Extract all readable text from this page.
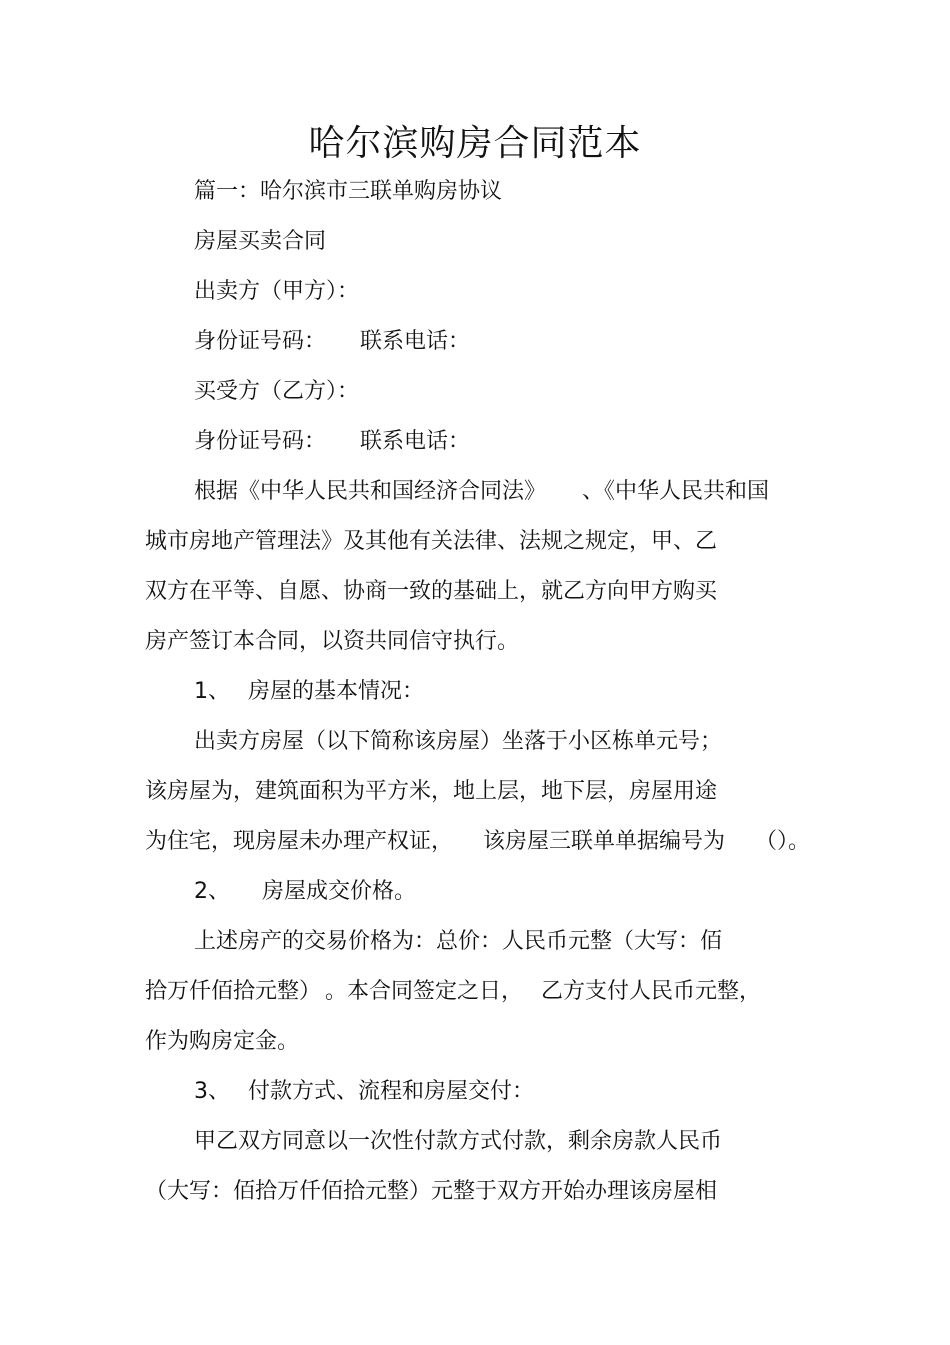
哈尔滨购房合同范本
篇一：哈尔滨市三联单购房协议
房屋买卖合同
出卖方（甲方）：
身份证号码： 联系电话：
买受方（乙方）：
身份证号码： 联系电话：
根据《中华人民共和国经济合同法》 、《中华人民共和国
城市房地产管理法》及其他有关法律、法规之规定，甲、乙
双方在平等、自愿、协商一致的基础上，就乙方向甲方购买
房产签订本合同，以资共同信守执行。
1、 房屋的基本情况：
出卖方房屋（以下简称该房屋）坐落于小区栋单元号；
该房屋为，建筑面积为平方米，地上层，地下层，房屋用途
为住宅，现房屋未办理产权证， 该房屋三联单单据编号为 （）。
2、 房屋成交价格。
上述房产的交易价格为：总价：人民币元整（大写：佰
拾万仟佰拾元整） 。本合同签定之日， 乙方支付人民币元整，
作为购房定金。
3、 付款方式、流程和房屋交付：
甲乙双方同意以一次性付款方式付款，剩余房款人民币
（大写：佰拾万仟佰拾元整）元整于双方开始办理该房屋相
